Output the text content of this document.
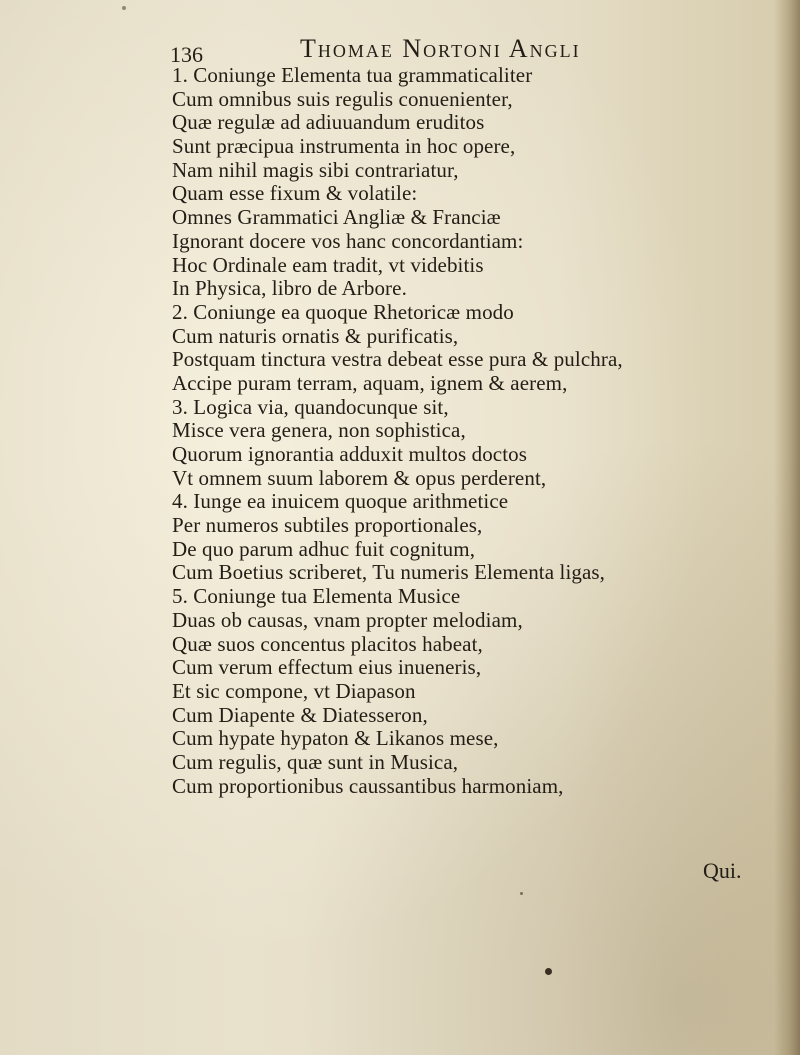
136	Thomae Nortoni Angli
1. Coniunge Elementa tua grammaticaliter
Cum omnibus suis regulis conuenienter,
Quæ regulæ ad adiuuandum eruditos
Sunt præcipua instrumenta in hoc opere,
Nam nihil magis sibi contrariatur,
Quam esse fixum & volatile:
Omnes Grammatici Angliæ & Franciæ
Ignorant docere vos hanc concordantiam:
Hoc Ordinale eam tradit, vt videbitis
In Physica, libro de Arbore.
2. Coniunge ea quoque Rhetoricæ modo
Cum naturis ornatis & purificatis,
Postquam tinctura vestra debeat esse pura & pulchra,
Accipe puram terram, aquam, ignem & aerem,
3. Logica via, quandocunque sit,
Misce vera genera, non sophistica,
Quorum ignorantia adduxit multos doctos
Vt omnem suum laborem & opus perderent,
4. Iunge ea inuicem quoque arithmetice
Per numeros subtiles proportionales,
De quo parum adhuc fuit cognitum,
Cum Boetius scriberet, Tu numeris Elementa ligas,
5. Coniunge tua Elementa Musice
Duas ob causas, vnam propter melodiam,
Quæ suos concentus placitos habeat,
Cum verum effectum eius inueneris,
Et sic compone, vt Diapason
Cum Diapente & Diatesseron,
Cum hypate hypaton & Likanos mese,
Cum regulis, quæ sunt in Musica,
Cum proportionibus caussantibus harmoniam,
Qui.
